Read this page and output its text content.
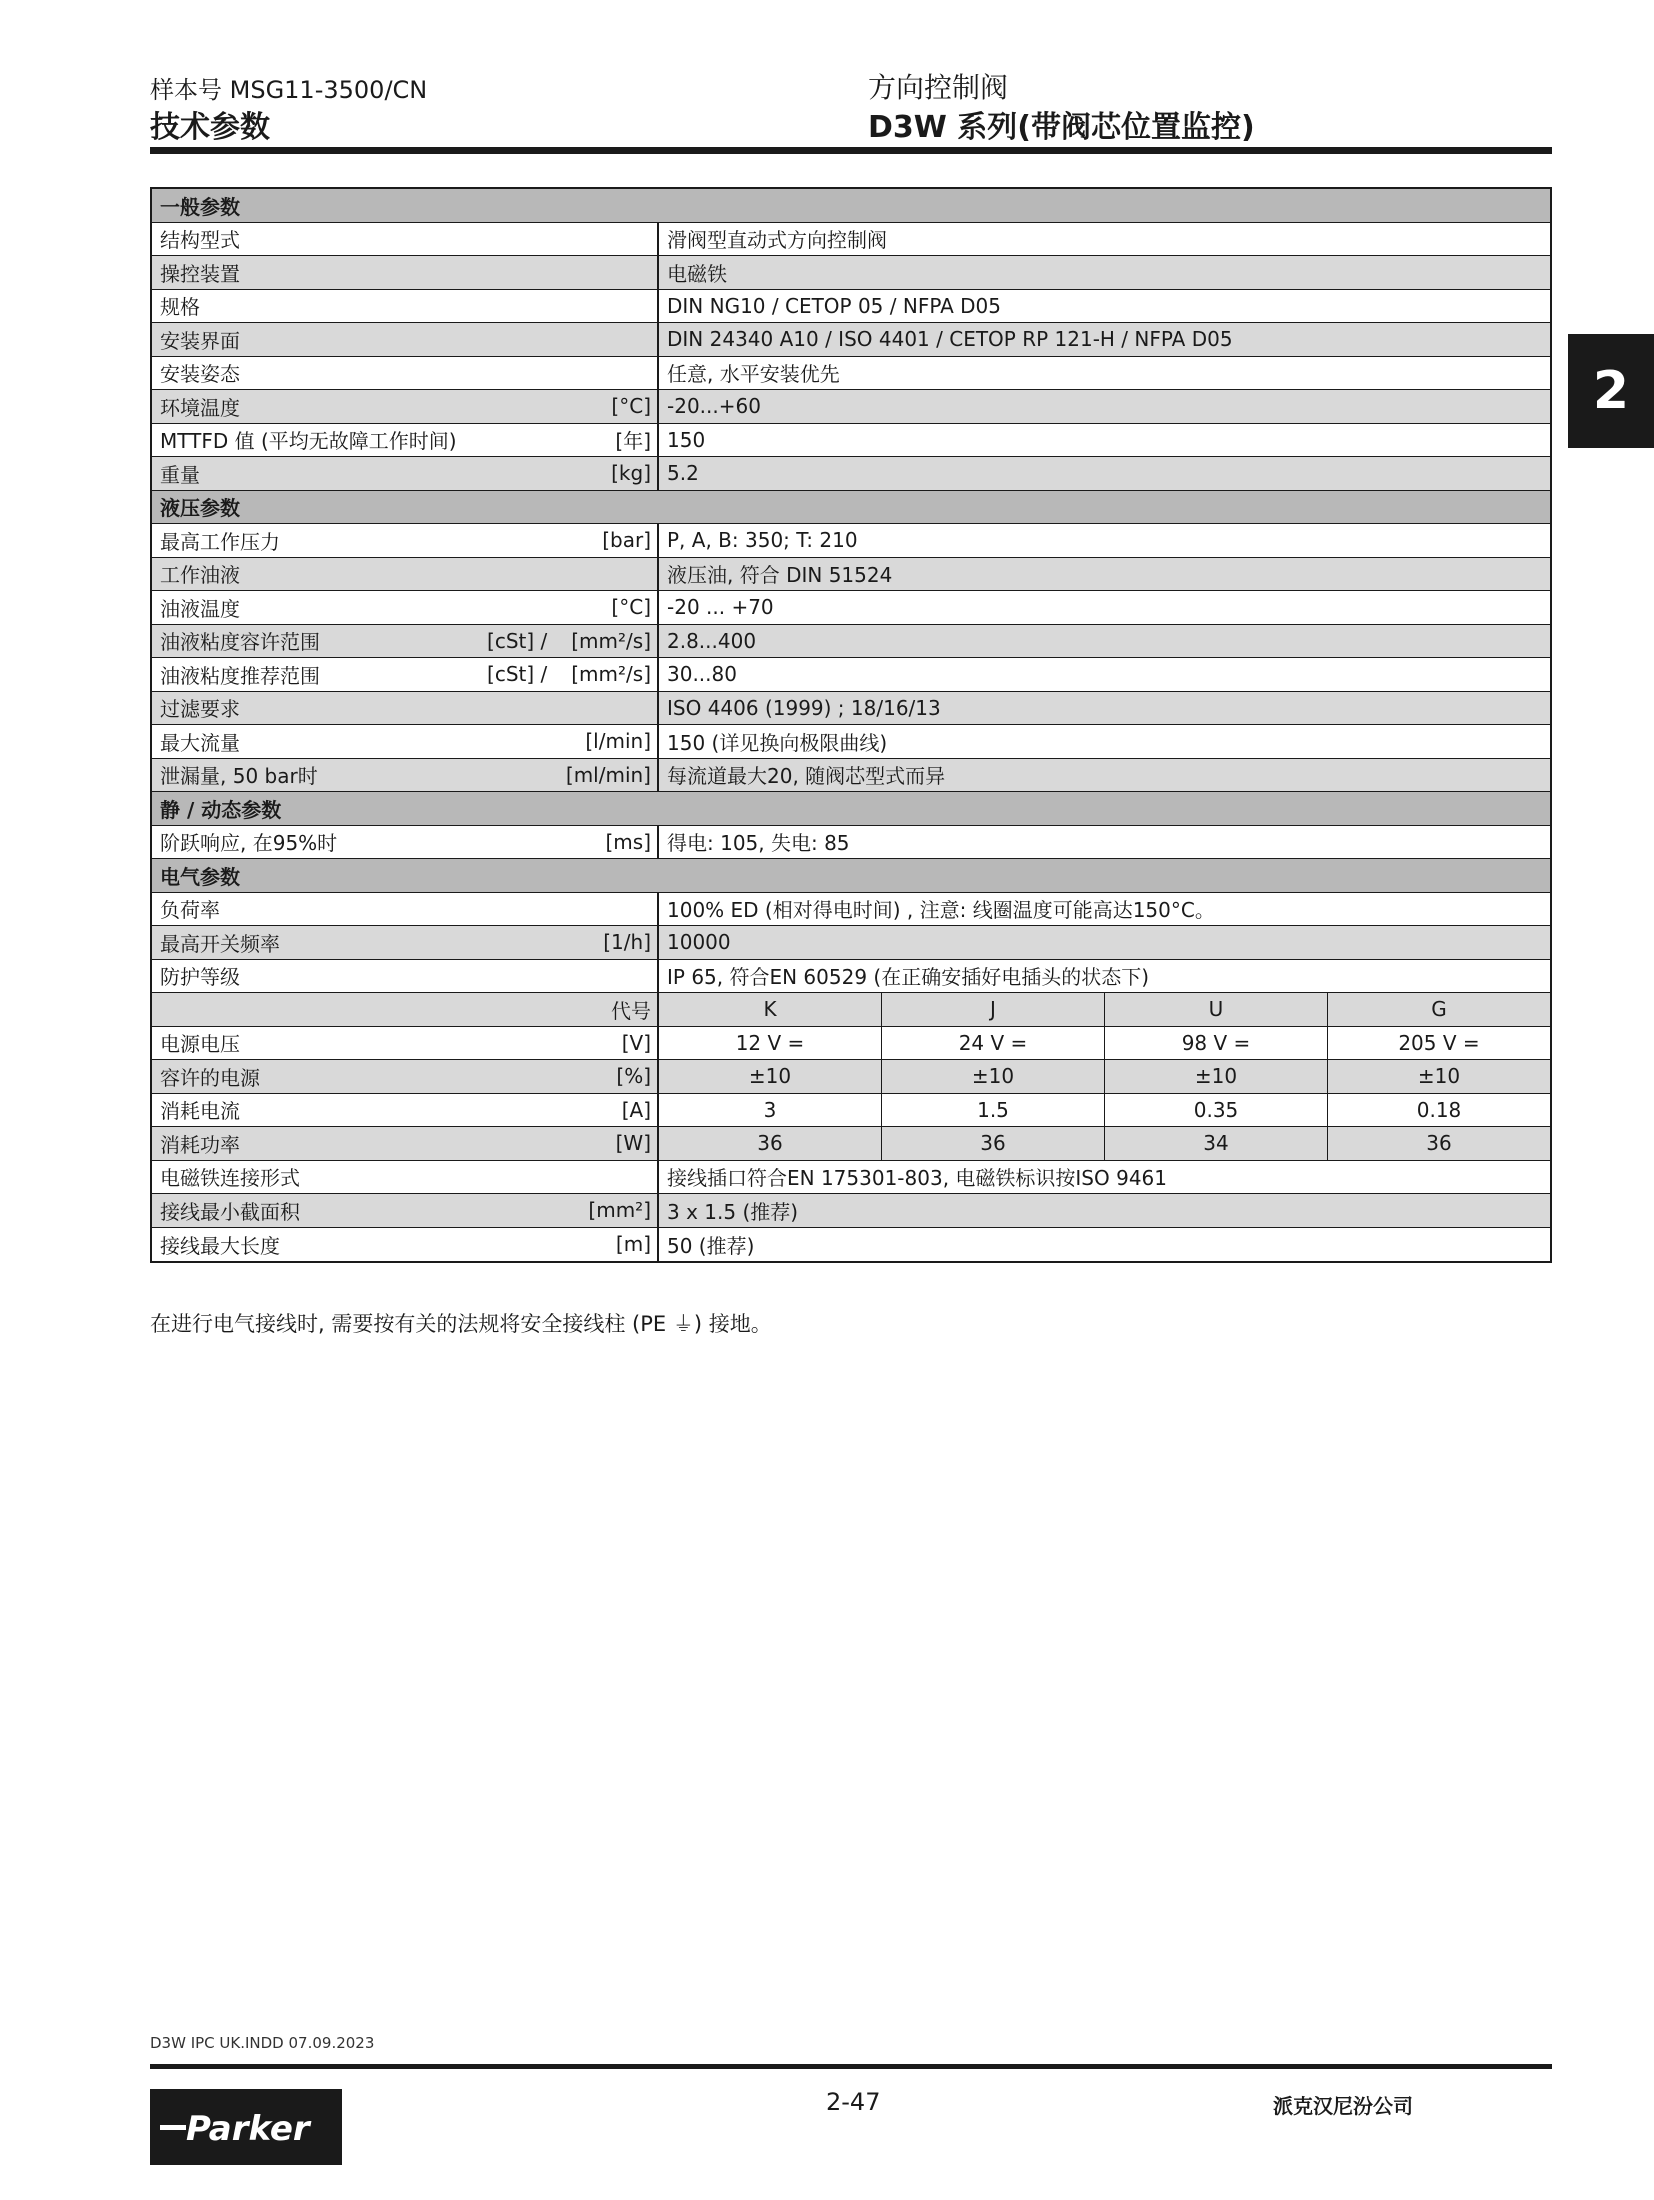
样本号 MSG11-3500/CN
技术参数
方向控制阀
D3W 系列(带阀芯位置监控)
2
一般参数
结构型式	滑阀型直动式方向控制阀
操控装置	电磁铁
规格	DIN NG10 / CETOP 05 / NFPA D05
安装界面	DIN 24340 A10 / ISO 4401 / CETOP RP 121-H / NFPA D05
安装姿态	任意, 水平安装优先
环境温度	[°C] -20...+60
MTTFD 值 (平均无故障工作时间)	[年] 150
重量	[kg] 5.2
液压参数
最高工作压力	[bar] P, A, B: 350; T: 210
工作油液	液压油, 符合 DIN 51524
油液温度	[°C] -20 ... +70
油液粘度容许范围	[cSt] / [mm²/s] 2.8...400
油液粘度推荐范围	[cSt] / [mm²/s] 30...80
过滤要求	ISO 4406 (1999) ; 18/16/13
最大流量	[l/min] 150 (详见换向极限曲线)
泄漏量, 50 bar时	[ml/min] 每流道最大20, 随阀芯型式而异
静 / 动态参数
阶跃响应, 在95%时	[ms] 得电: 105, 失电: 85
电气参数
负荷率	100% ED (相对得电时间) , 注意: 线圈温度可能高达150°C。
最高开关频率	[1/h] 10000
防护等级	IP 65, 符合EN 60529 (在正确安插好电插头的状态下)
代号	K	J	U	G
电源电压	[V]	12 V =	24 V =	98 V =	205 V =
容许的电源	[%]	±10	±10	±10	±10
消耗电流	[A]	3	1.5	0.35	0.18
消耗功率	[W]	36	36	34	36
电磁铁连接形式	接线插口符合EN 175301-803, 电磁铁标识按ISO 9461
接线最小截面积	[mm²] 3 x 1.5 (推荐)
接线最大长度	[m] 50 (推荐)
在进行电气接线时, 需要按有关的法规将安全接线柱 (PE ⏚) 接地。
D3W IPC UK.INDD 07.09.2023
Parker
2-47	派克汉尼汾公司
